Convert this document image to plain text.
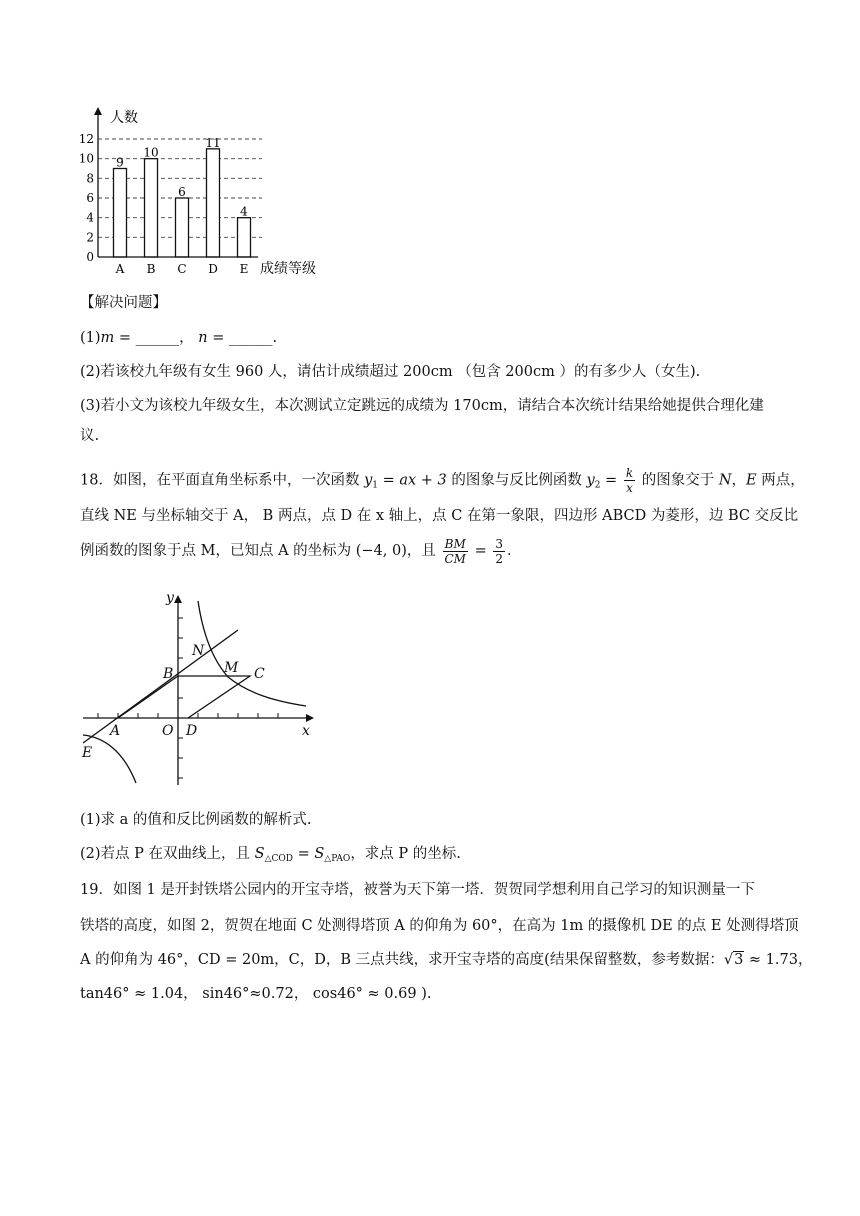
9
10
6
11
4
0
2
4
6
8
10
12
A B C D E
人数
成绩等级
【解决问题】
(1)m = ______， n = ______.
(2)若该校九年级有女生 960 人，请估计成绩超过 200cm （包含 200cm ）的有多少人（女生).
(3)若小文为该校九年级女生，本次测试立定跳远的成绩为 170cm，请结合本次统计结果给她提供合理化建
议.
18．如图，在平面直角坐标系中，一次函数 $y_1$ = ax + 3 的图象与反比例函数 $y_2 = \frac{k}{x}$ 的图象交于 N，E 两点，
直线 NE 与坐标轴交于 A， B 两点，点 D 在 x 轴上，点 C 在第一象限，四边形 ABCD 为菱形，边 BC 交反比
例函数的图象于点 M，已知点 A 的坐标为 (−4, 0)，且 $\frac{BM}{CM} = \frac{3}{2}$ ．
y
x
O
A
B	C
D
E
M
N
(1)求 a 的值和反比例函数的解析式.
(2)若点 P 在双曲线上，且 $S_{\triangle COD} = S_{\triangle PAO}$，求点 P 的坐标.
19．如图 1 是开封铁塔公园内的开宝寺塔，被誉为天下第一塔．贺贺同学想利用自己学习的知识测量一下
铁塔的高度，如图 2，贺贺在地面 C 处测得塔顶 A 的仰角为 60°，在高为 1m 的摄像机 DE 的点 E 处测得塔顶
A 的仰角为 46°，CD = 20m，C，D，B 三点共线，求开宝寺塔的高度(结果保留整数，参考数据：√3 ≈ 1.73，
tan46° ≈ 1.04， sin46°≈0.72， cos46° ≈ 0.69 ).
